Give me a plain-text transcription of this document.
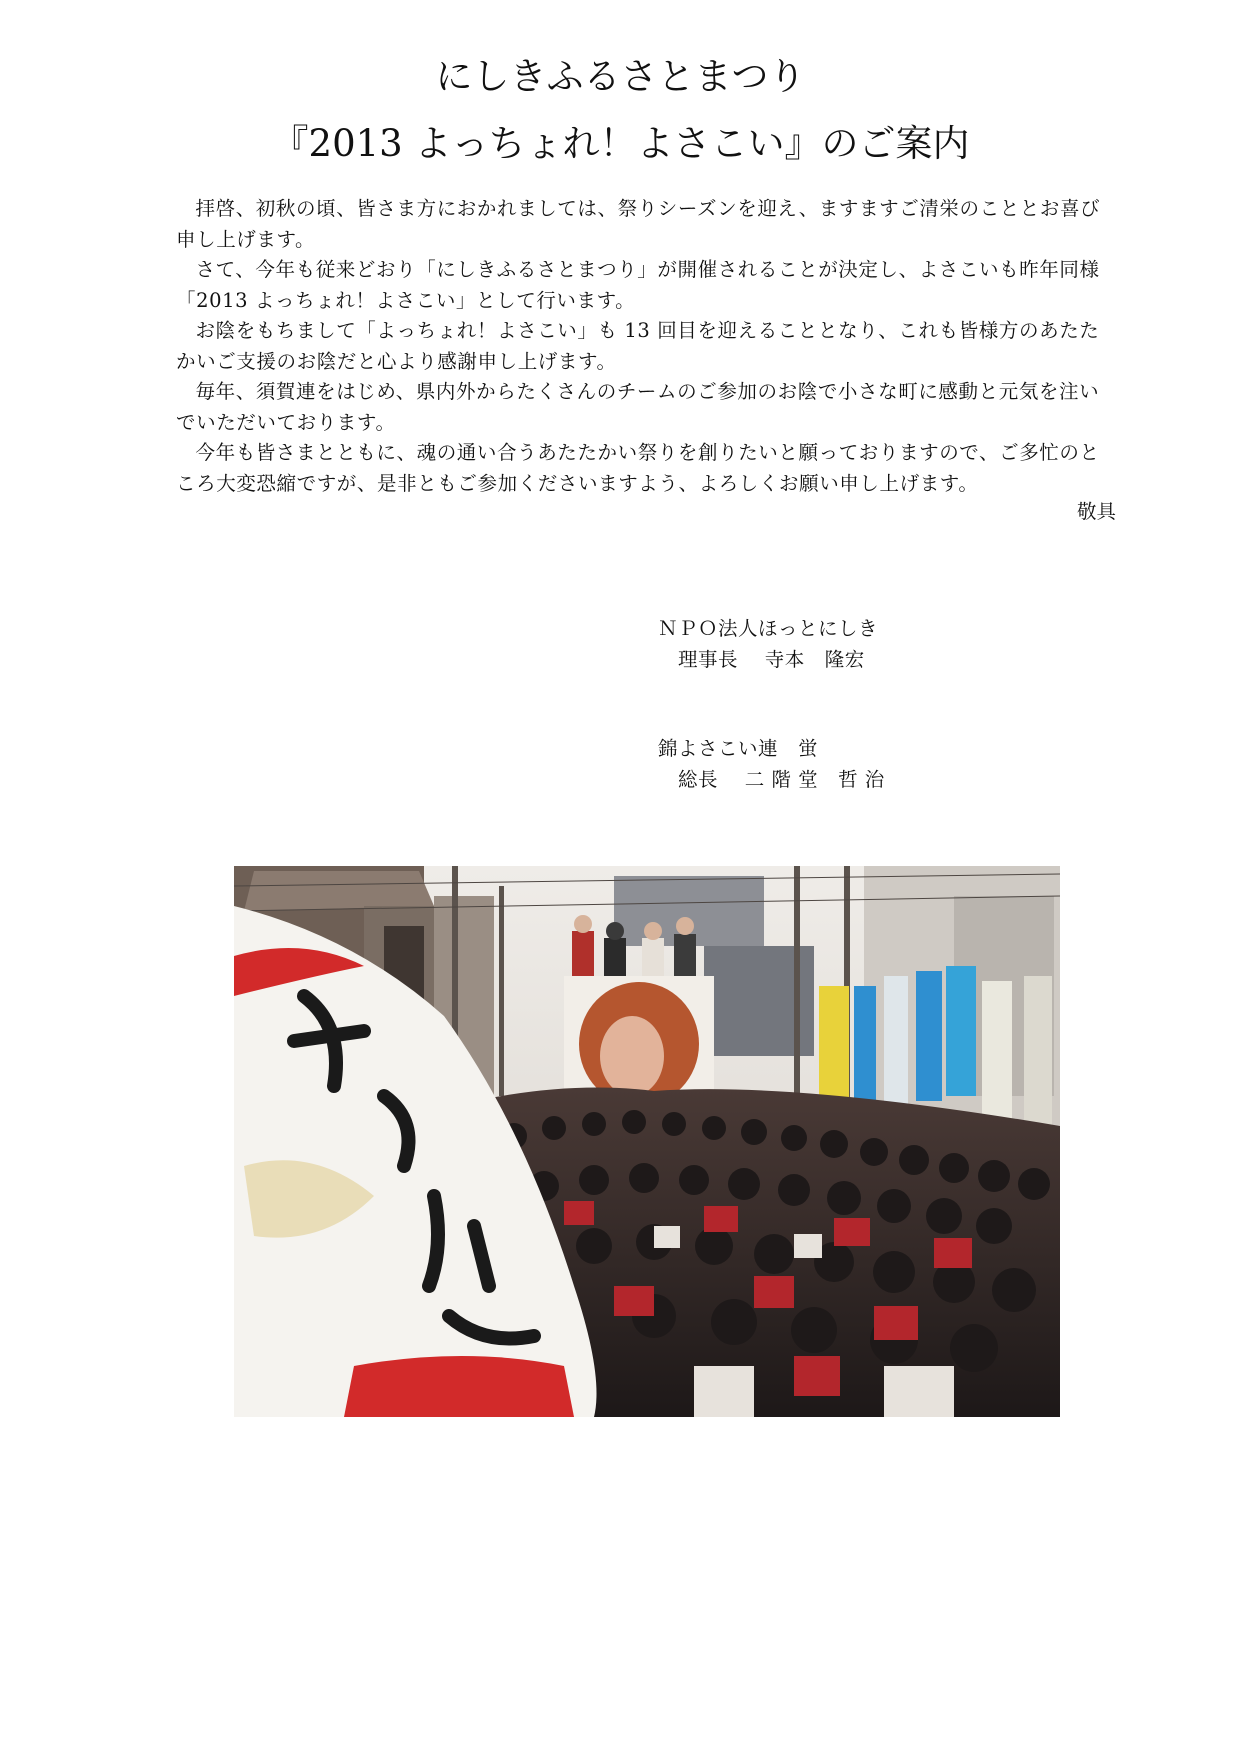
にしきふるさとまつり
『2013 よっちょれ！よさこい』のご案内

拝啓、初秋の頃、皆さま方におかれましては、祭りシーズンを迎え、ますますご清栄のこととお喜び申し上げます。

さて、今年も従来どおり「にしきふるさとまつり」が開催されることが決定し、よさこいも昨年同様「2013 よっちょれ！よさこい」として行います。

お陰をもちまして「よっちょれ！よさこい」も 13 回目を迎えることとなり、これも皆様方のあたたかいご支援のお陰だと心より感謝申し上げます。

毎年、須賀連をはじめ、県内外からたくさんのチームのご参加のお陰で小さな町に感動と元気を注いでいただいております。

今年も皆さまとともに、魂の通い合うあたたかい祭りを創りたいと願っておりますので、ご多忙のところ大変恐縮ですが、是非ともご参加くださいますよう、よろしくお願い申し上げます。

敬具
ＮＰＯ法人ほっとにしき
　理事長　 寺本　隆宏
錦よさこい連　蛍
　総長　 二 階 堂　哲 治
